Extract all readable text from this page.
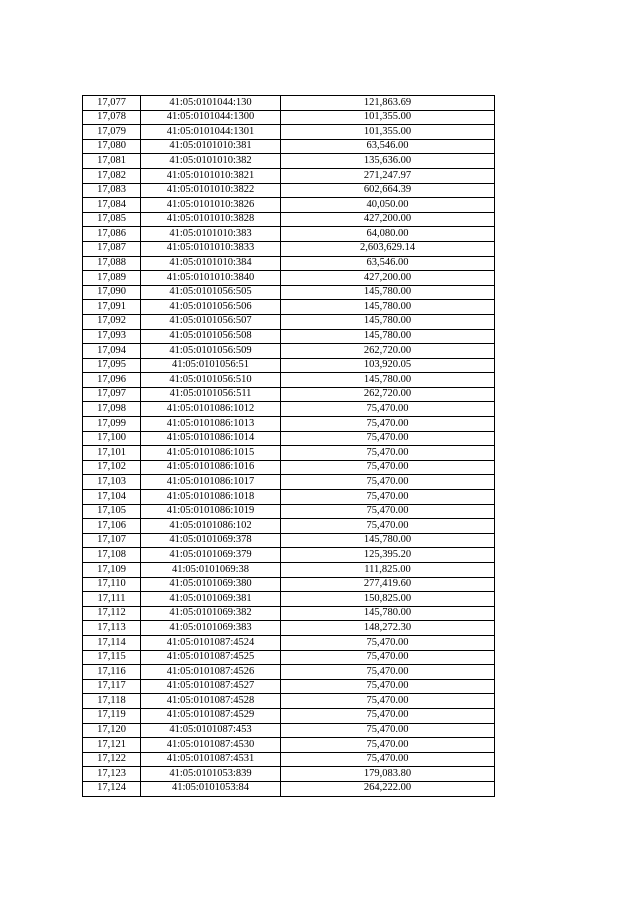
17,077	41:05:0101044:130	121,863.69
17,078	41:05:0101044:1300	101,355.00
17,079	41:05:0101044:1301	101,355.00
17,080	41:05:0101010:381	63,546.00
17,081	41:05:0101010:382	135,636.00
17,082	41:05:0101010:3821	271,247.97
17,083	41:05:0101010:3822	602,664.39
17,084	41:05:0101010:3826	40,050.00
17,085	41:05:0101010:3828	427,200.00
17,086	41:05:0101010:383	64,080.00
17,087	41:05:0101010:3833	2,603,629.14
17,088	41:05:0101010:384	63,546.00
17,089	41:05:0101010:3840	427,200.00
17,090	41:05:0101056:505	145,780.00
17,091	41:05:0101056:506	145,780.00
17,092	41:05:0101056:507	145,780.00
17,093	41:05:0101056:508	145,780.00
17,094	41:05:0101056:509	262,720.00
17,095	41:05:0101056:51	103,920.05
17,096	41:05:0101056:510	145,780.00
17,097	41:05:0101056:511	262,720.00
17,098	41:05:0101086:1012	75,470.00
17,099	41:05:0101086:1013	75,470.00
17,100	41:05:0101086:1014	75,470.00
17,101	41:05:0101086:1015	75,470.00
17,102	41:05:0101086:1016	75,470.00
17,103	41:05:0101086:1017	75,470.00
17,104	41:05:0101086:1018	75,470.00
17,105	41:05:0101086:1019	75,470.00
17,106	41:05:0101086:102	75,470.00
17,107	41:05:0101069:378	145,780.00
17,108	41:05:0101069:379	125,395.20
17,109	41:05:0101069:38	111,825.00
17,110	41:05:0101069:380	277,419.60
17,111	41:05:0101069:381	150,825.00
17,112	41:05:0101069:382	145,780.00
17,113	41:05:0101069:383	148,272.30
17,114	41:05:0101087:4524	75,470.00
17,115	41:05:0101087:4525	75,470.00
17,116	41:05:0101087:4526	75,470.00
17,117	41:05:0101087:4527	75,470.00
17,118	41:05:0101087:4528	75,470.00
17,119	41:05:0101087:4529	75,470.00
17,120	41:05:0101087:453	75,470.00
17,121	41:05:0101087:4530	75,470.00
17,122	41:05:0101087:4531	75,470.00
17,123	41:05:0101053:839	179,083.80
17,124	41:05:0101053:84	264,222.00
